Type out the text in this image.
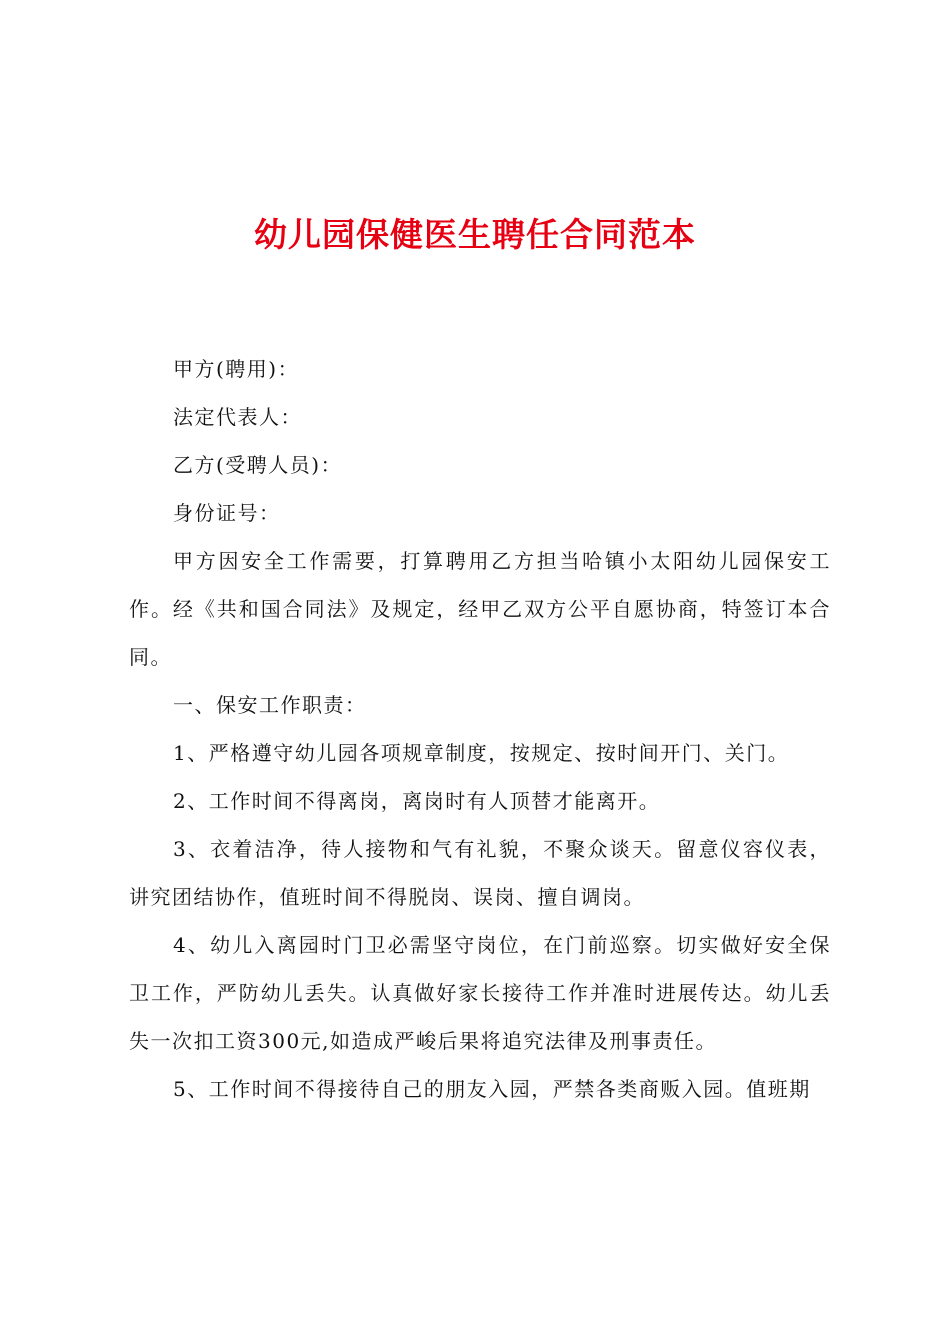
幼儿园保健医生聘任合同范本

甲方(聘用)：

法定代表人：

乙方(受聘人员)：

身份证号：

甲方因安全工作需要，打算聘用乙方担当哈镇小太阳幼儿园保安工作。经《共和国合同法》及规定，经甲乙双方公平自愿协商，特签订本合同。

一、保安工作职责：

1、严格遵守幼儿园各项规章制度，按规定、按时间开门、关门。

2、工作时间不得离岗，离岗时有人顶替才能离开。

3、衣着洁净，待人接物和气有礼貌，不聚众谈天。留意仪容仪表，讲究团结协作，值班时间不得脱岗、误岗、擅自调岗。

4、幼儿入离园时门卫必需坚守岗位，在门前巡察。切实做好安全保卫工作，严防幼儿丢失。认真做好家长接待工作并准时进展传达。幼儿丢失一次扣工资300元,如造成严峻后果将追究法律及刑事责任。

5、工作时间不得接待自己的朋友入园，严禁各类商贩入园。值班期
